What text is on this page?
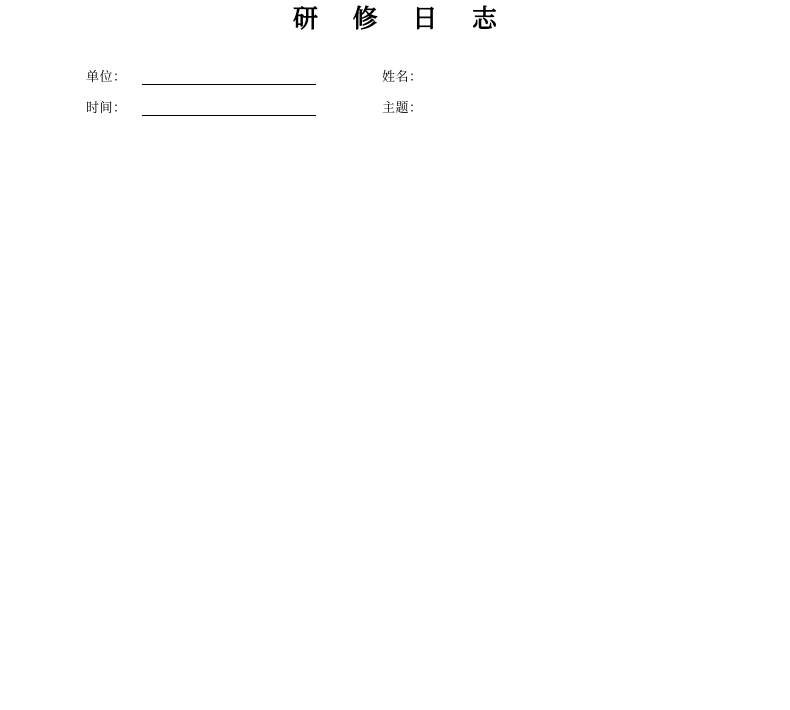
研 修 日 志
单位：	姓名：
时间：	主题：
